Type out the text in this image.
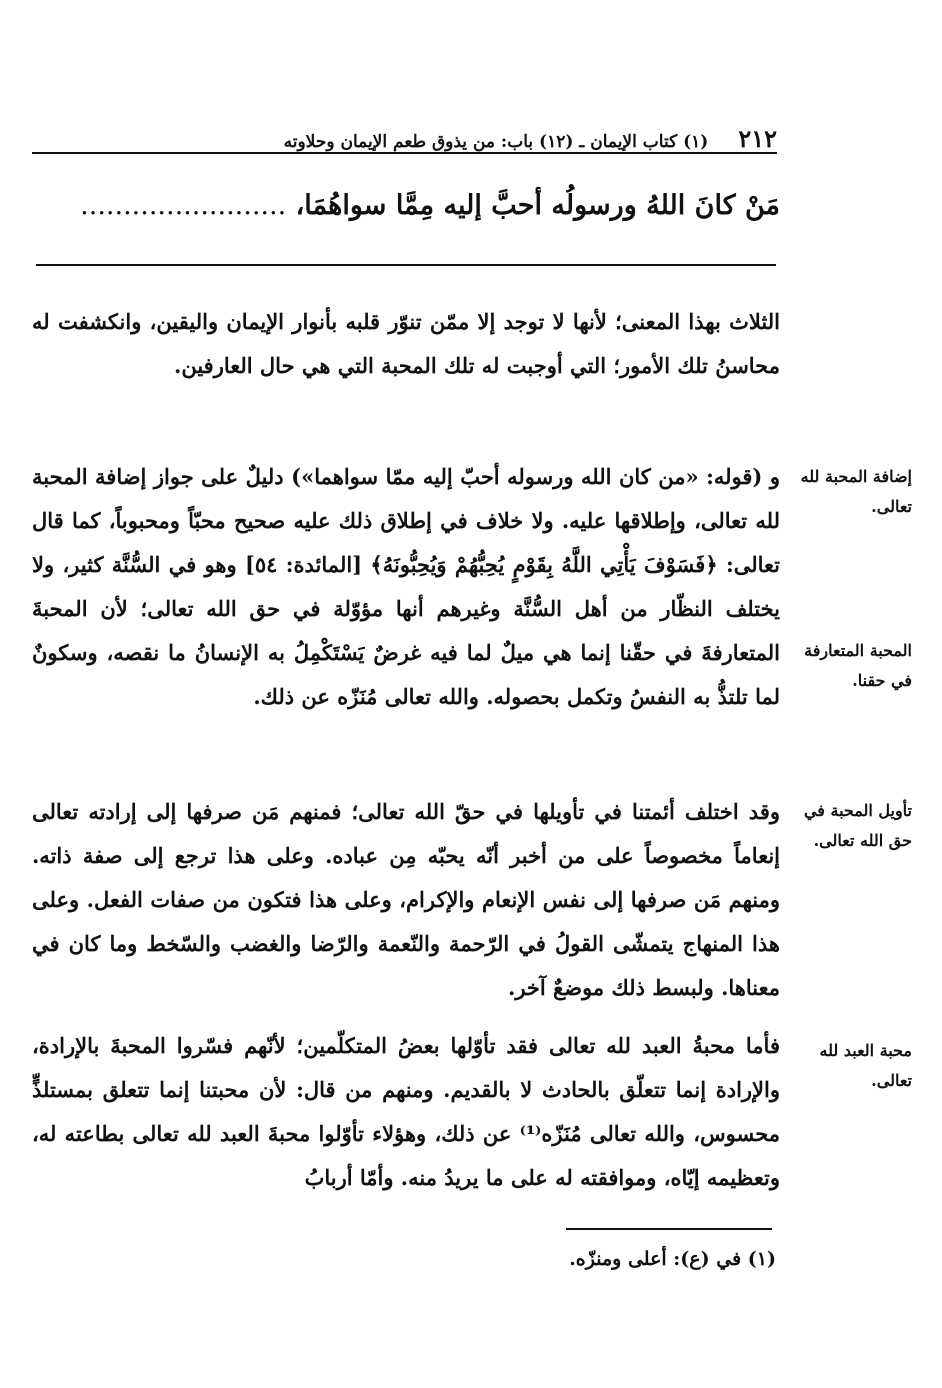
٢١٢
(١) كتاب الإيمان ـ (١٢) باب: من يذوق طعم الإيمان وحلاوته
مَنْ كانَ اللهُ ورسولُه أحبَّ إليه مِمَّا سواهُمَا، ........................

الثلاث بهذا المعنى؛ لأنها لا توجد إلا ممّن تنوّر قلبه بأنوار الإيمان واليقين، وانكشفت له محاسنُ تلك الأمور؛ التي أوجبت له تلك المحبة التي هي حال العارفين.

و (قوله: «من كان الله ورسوله أحبّ إليه ممّا سواهما») دليلٌ على جواز إضافة المحبة لله تعالى، وإطلاقها عليه. ولا خلاف في إطلاق ذلك عليه صحيح محبّاً ومحبوباً، كما قال تعالى: ﴿فَسَوْفَ يَأْتِي اللَّهُ بِقَوْمٍ يُحِبُّهُمْ وَيُحِبُّونَهُ﴾ [المائدة: ٥٤] وهو في السُّنَّة كثير، ولا يختلف النظّار من أهل السُّنَّة وغيرهم أنها مؤوّلة في حق الله تعالى؛ لأن المحبةَ المتعارفةَ في حقّنا إنما هي ميلٌ لما فيه غرضٌ يَسْتَكْمِلُ به الإنسانُ ما نقصه، وسكونٌ لما تلتذُّ به النفسُ وتكمل بحصوله. والله تعالى مُنَزّه عن ذلك.

وقد اختلف أئمتنا في تأويلها في حقّ الله تعالى؛ فمنهم مَن صرفها إلى إرادته تعالى إنعاماً مخصوصاً على من أخبر أنّه يحبّه مِن عباده. وعلى هذا ترجع إلى صفة ذاته. ومنهم مَن صرفها إلى نفس الإنعام والإكرام، وعلى هذا فتكون من صفات الفعل. وعلى هذا المنهاج يتمشّى القولُ في الرّحمة والنّعمة والرّضا والغضب والسّخط وما كان في معناها. ولبسط ذلك موضعٌ آخر.

فأما محبةُ العبد لله تعالى فقد تأوّلها بعضُ المتكلّمين؛ لأنّهم فسّروا المحبةَ بالإرادة، والإرادة إنما تتعلّق بالحادث لا بالقديم. ومنهم من قال: لأن محبتنا إنما تتعلق بمستلذٍّ محسوس، والله تعالى مُنَزّه⁽¹⁾ عن ذلك، وهؤلاء تأوّلوا محبةَ العبد لله تعالى بطاعته له، وتعظيمه إيّاه، وموافقته له على ما يريدُ منه. وأمّا أربابُ

إضافة المحبة لله تعالى.

المحبة المتعارفة في حقنا.

تأويل المحبة في حق الله تعالى.

محبة العبد لله تعالى.

(١) في (ع): أعلى ومنزّه.
